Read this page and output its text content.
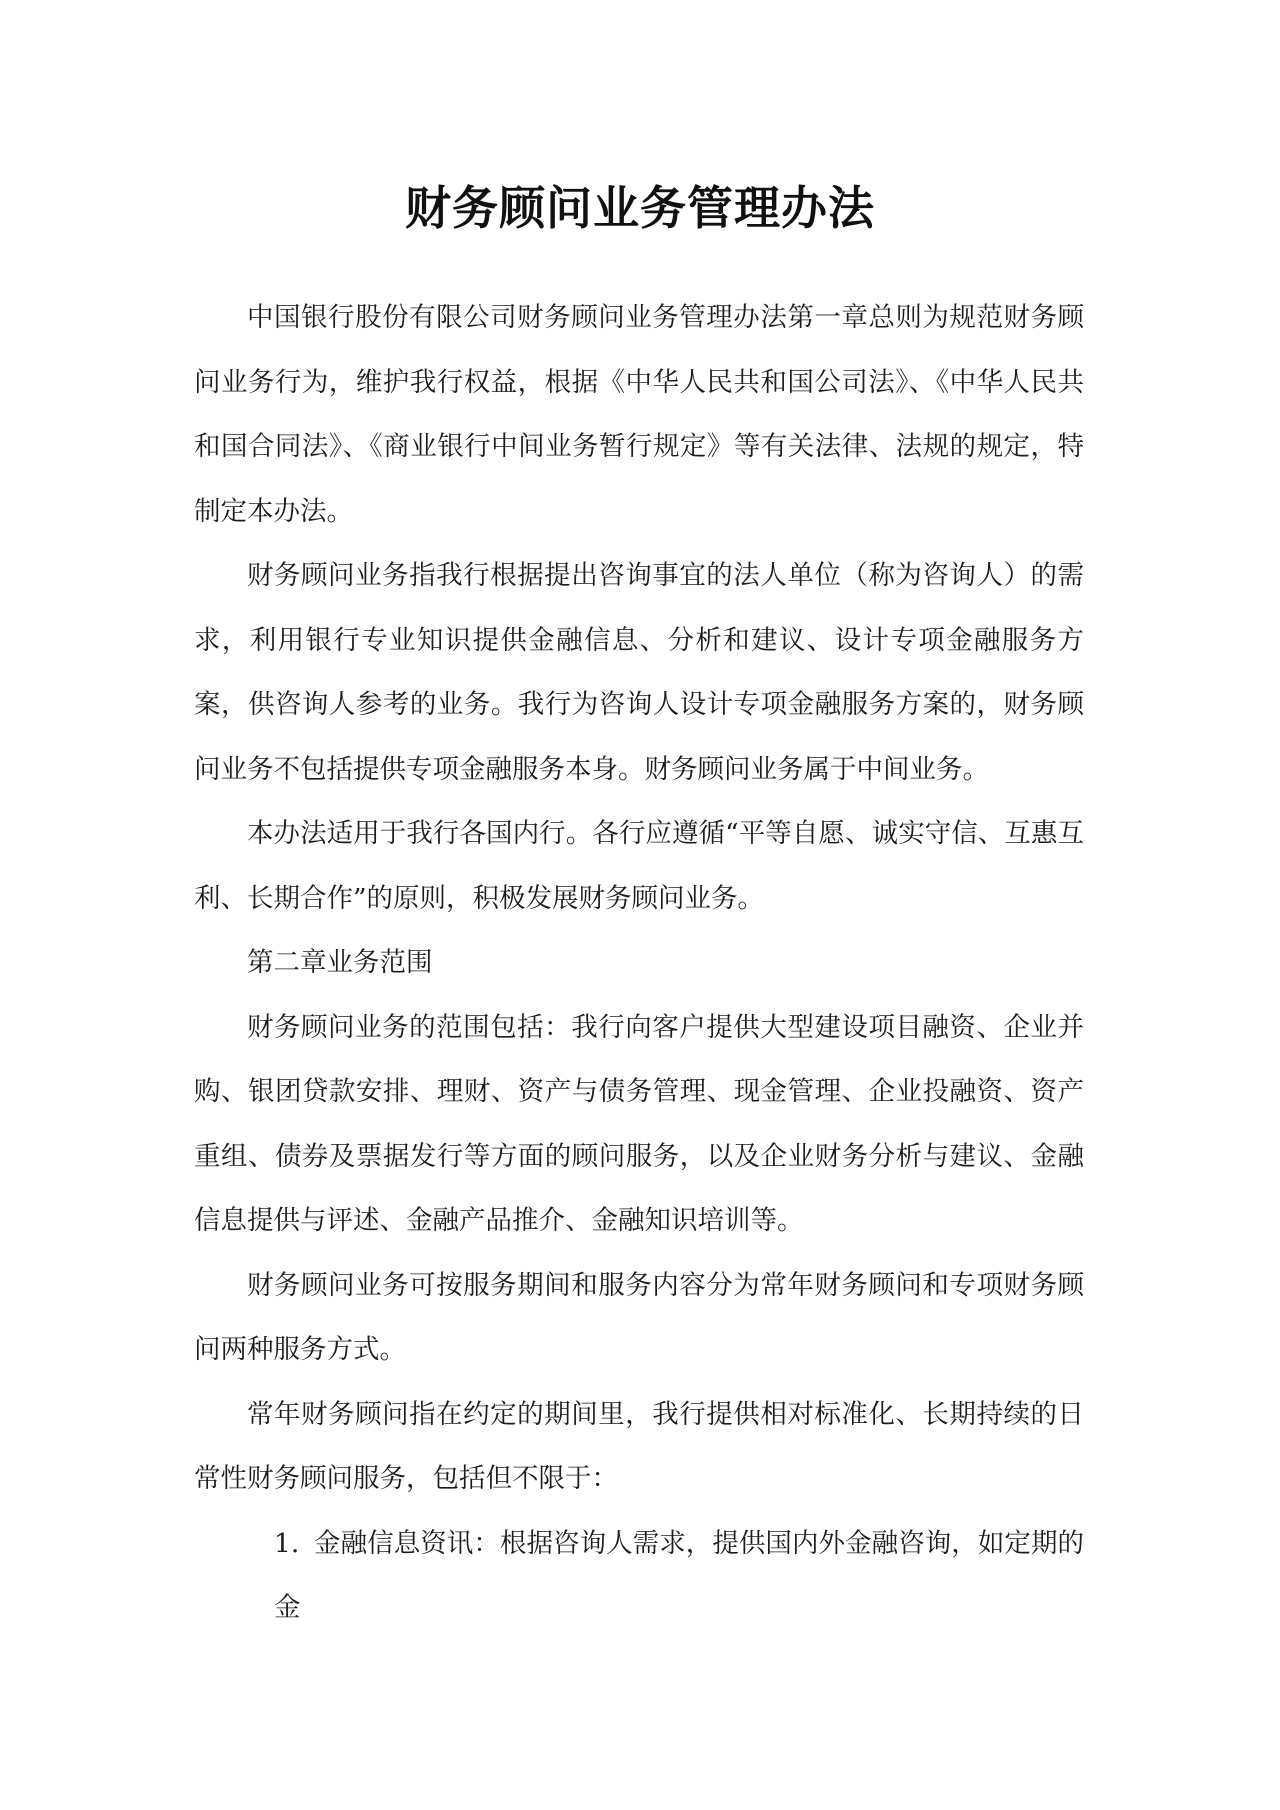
财务顾问业务管理办法

中国银行股份有限公司财务顾问业务管理办法第一章总则为规范财务顾问业务行为，维护我行权益，根据《中华人民共和国公司法》、《中华人民共和国合同法》、《商业银行中间业务暂行规定》等有关法律、法规的规定，特制定本办法。

财务顾问业务指我行根据提出咨询事宜的法人单位（称为咨询人）的需求，利用银行专业知识提供金融信息、分析和建议、设计专项金融服务方案，供咨询人参考的业务。我行为咨询人设计专项金融服务方案的，财务顾问业务不包括提供专项金融服务本身。财务顾问业务属于中间业务。

本办法适用于我行各国内行。各行应遵循“平等自愿、诚实守信、互惠互利、长期合作”的原则，积极发展财务顾问业务。

第二章业务范围

财务顾问业务的范围包括：我行向客户提供大型建设项目融资、企业并购、银团贷款安排、理财、资产与债务管理、现金管理、企业投融资、资产重组、债券及票据发行等方面的顾问服务，以及企业财务分析与建议、金融信息提供与评述、金融产品推介、金融知识培训等。

财务顾问业务可按服务期间和服务内容分为常年财务顾问和专项财务顾问两种服务方式。

常年财务顾问指在约定的期间里，我行提供相对标准化、长期持续的日常性财务顾问服务，包括但不限于：

1. 金融信息资讯：根据咨询人需求，提供国内外金融咨询，如定期的金
